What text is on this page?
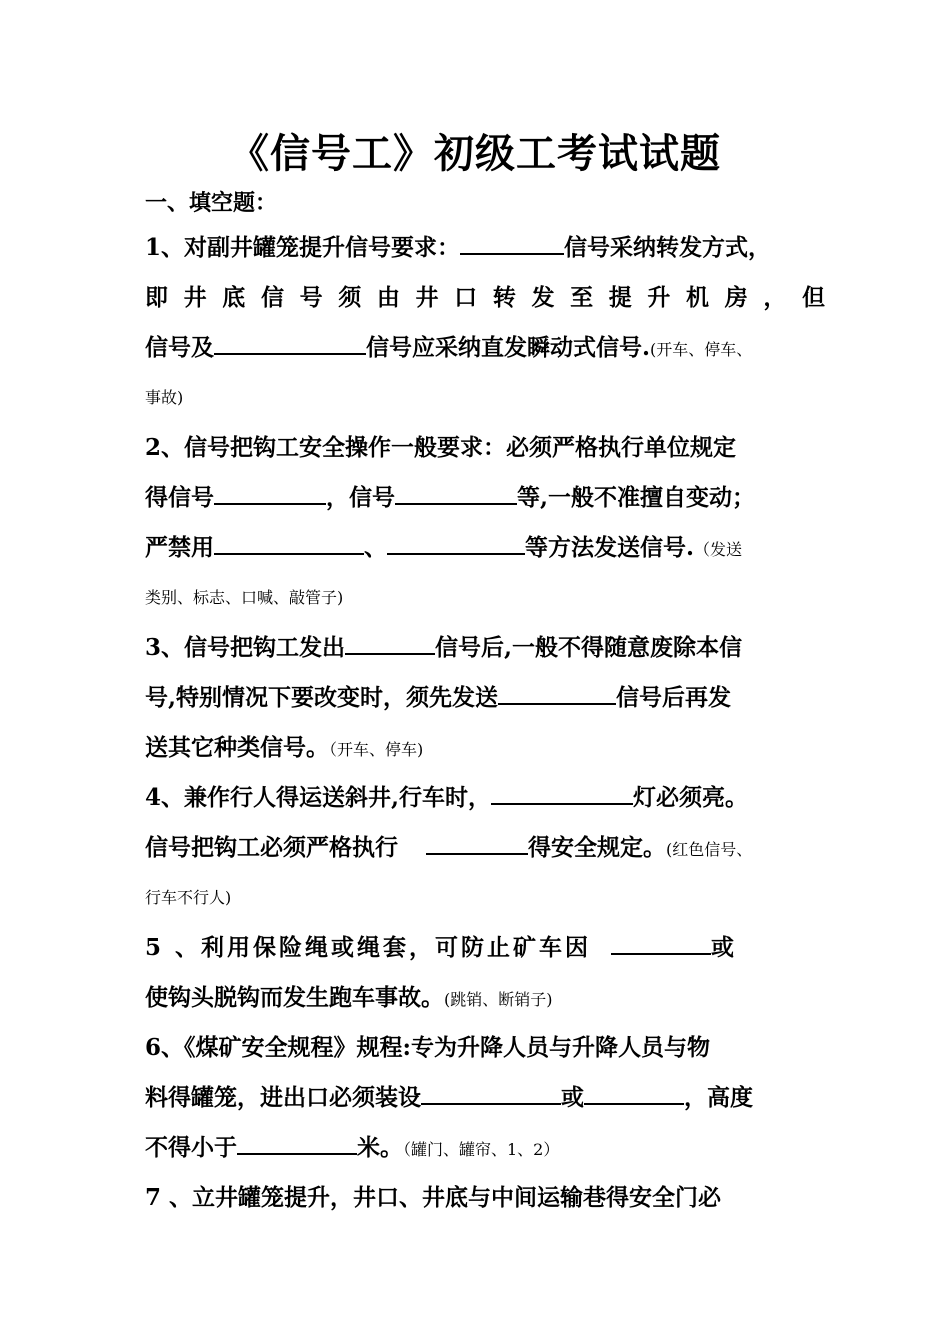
《信号工》初级工考试试题
一、填空题：
1、对副井罐笼提升信号要求：	信号采纳转发方式，
即 井 底 信 号 须 由 井 口 转 发 至 提 升 机 房 ， 但
信号及	信号应采纳直发瞬动式信号.(开车、停车、
事故)
2、信号把钩工安全操作一般要求：必须严格执行单位规定
得信号	，信号	等,一般不准擅自变动；
严禁用	、	等方法发送信号.（发送
类别、标志、口喊、敲管子)
3、信号把钩工发出	信号后,一般不得随意废除本信
号,特别情况下要改变时，须先发送	信号后再发
送其它种类信号。（开车、停车)
4、兼作行人得运送斜井,行车时，	灯必须亮。
信号把钩工必须严格执行	得安全规定。(红色信号、
行车不行人)
5 、利用保险绳或绳套，可防止矿车因	或
使钩头脱钩而发生跑车事故。(跳销、断销子)
6、《煤矿安全规程》规程:专为升降人员与升降人员与物
料得罐笼，进出口必须装设	或	，高度
不得小于	米。（罐门、罐帘、1、2）
7 、立井罐笼提升，井口、井底与中间运输巷得安全门必
